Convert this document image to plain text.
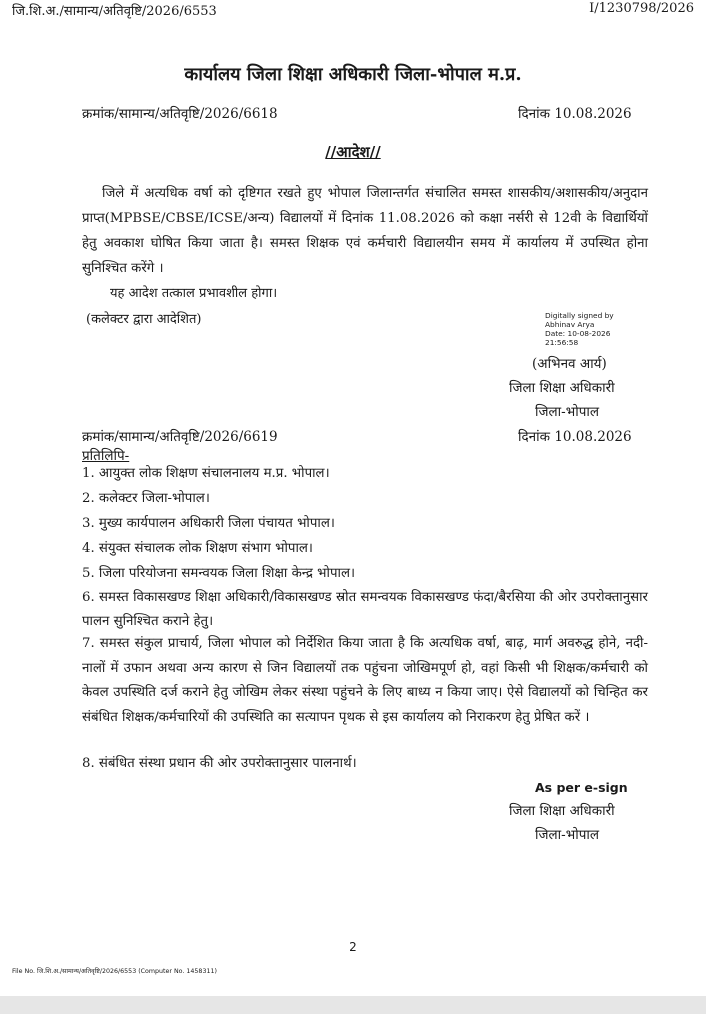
जि.शि.अ./सामान्य/अतिवृष्टि/2026/6553	I/1230798/2026
कार्यालय जिला शिक्षा अधिकारी जिला-भोपाल म.प्र.
क्रमांक/सामान्य/अतिवृष्टि/2026/6618	दिनांक 10.08.2026
//आदेश//
जिले में अत्यधिक वर्षा को दृष्टिगत रखते हुए भोपाल जिलान्तर्गत संचालित समस्त शासकीय/अशासकीय/अनुदान प्राप्त(MPBSE/CBSE/ICSE/अन्य) विद्यालयों में दिनांक 11.08.2026 को कक्षा नर्सरी से 12वी के विद्यार्थियों हेतु अवकाश घोषित किया जाता है। समस्त शिक्षक एवं कर्मचारी विद्यालयीन समय में कार्यालय में उपस्थित होना सुनिश्चित करेंगे ।
यह आदेश तत्काल प्रभावशील होगा।
(कलेक्टर द्वारा आदेशित)	Digitally signed by
Abhinav Arya
Date: 10-08-2026
21:56:58
(अभिनव आर्य)
जिला शिक्षा अधिकारी
जिला-भोपाल
क्रमांक/सामान्य/अतिवृष्टि/2026/6619	दिनांक 10.08.2026
प्रतिलिपि-
1. आयुक्त लोक शिक्षण संचालनालय म.प्र. भोपाल।
2. कलेक्टर जिला-भोपाल।
3. मुख्य कार्यपालन अधिकारी जिला पंचायत भोपाल।
4. संयुक्त संचालक लोक शिक्षण संभाग भोपाल।
5. जिला परियोजना समन्वयक जिला शिक्षा केन्द्र भोपाल।
6. समस्त विकासखण्ड शिक्षा अधिकारी/विकासखण्ड स्रोत समन्वयक विकासखण्ड फंदा/बैरसिया की ओर उपरोक्तानुसार पालन सुनिश्चित कराने हेतु।
7. समस्त संकुल प्राचार्य, जिला भोपाल को निर्देशित किया जाता है कि अत्यधिक वर्षा, बाढ़, मार्ग अवरुद्ध होने, नदी-नालों में उफान अथवा अन्य कारण से जिन विद्यालयों तक पहुंचना जोखिमपूर्ण हो, वहां किसी भी शिक्षक/कर्मचारी को केवल उपस्थिति दर्ज कराने हेतु जोखिम लेकर संस्था पहुंचने के लिए बाध्य न किया जाए। ऐसे विद्यालयों को चिन्हित कर संबंधित शिक्षक/कर्मचारियों की उपस्थिति का सत्यापन पृथक से इस कार्यालय को निराकरण हेतु प्रेषित करें ।
8. संबंधित संस्था प्रधान की ओर उपरोक्तानुसार पालनार्थ।
As per e-sign
जिला शिक्षा अधिकारी
जिला-भोपाल
2
File No. जि.शि.अ./सामान्य/अतिवृष्टि/2026/6553 (Computer No. 1458311)
